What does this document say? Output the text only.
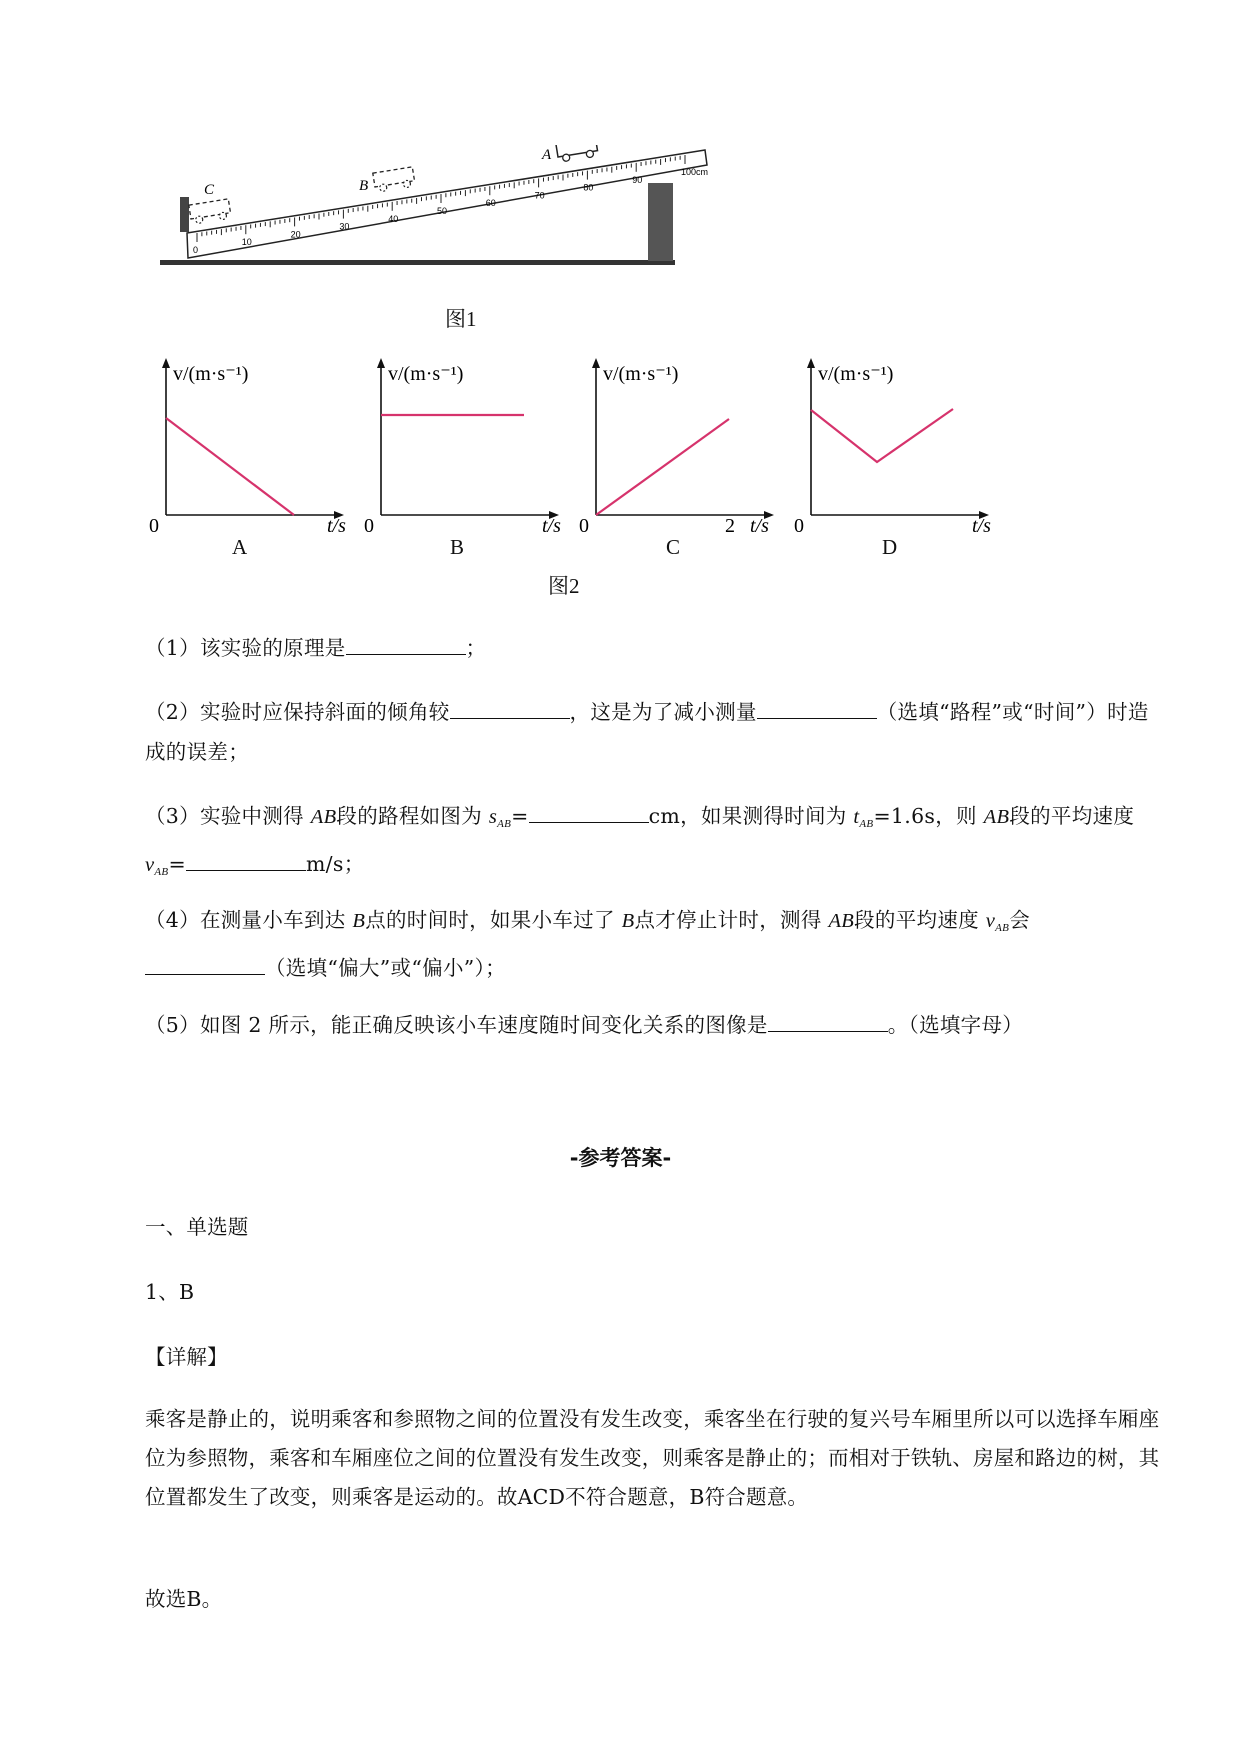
0
10
20
30
40
50
60
70
80
90
100cm
A
B
C
图1
v/(m·s⁻¹)
0	t/s
v/(m·s⁻¹)
0	t/s
v/(m·s⁻¹)
0	2 t/s
v/(m·s⁻¹)
0	t/s
A	B	C	D
图2
（1）该实验的原理是	；
（2）实验时应保持斜面的倾角较	，这是为了减小测量	（选填“路程”或“时间”）时造成的误差；
（3）实验中测得 AB段的路程如图为 $s_{AB}=$	cm，如果测得时间为 $t_{AB}=1.6s$，则 AB段的平均速度 $v_{AB}=$	m/s；
（4）在测量小车到达 B点的时间时，如果小车过了 B点才停止计时，测得 AB段的平均速度 $v_{AB}$会
（选填“偏大”或“偏小”）；
（5）如图 2 所示，能正确反映该小车速度随时间变化关系的图像是	。（选填字母）
-参考答案-
一、单选题
1、B
【详解】
乘客是静止的，说明乘客和参照物之间的位置没有发生改变，乘客坐在行驶的复兴号车厢里所以可以选择车厢座位为参照物，乘客和车厢座位之间的位置没有发生改变，则乘客是静止的；而相对于铁轨、房屋和路边的树，其位置都发生了改变，则乘客是运动的。故ACD不符合题意，B符合题意。
故选B。
